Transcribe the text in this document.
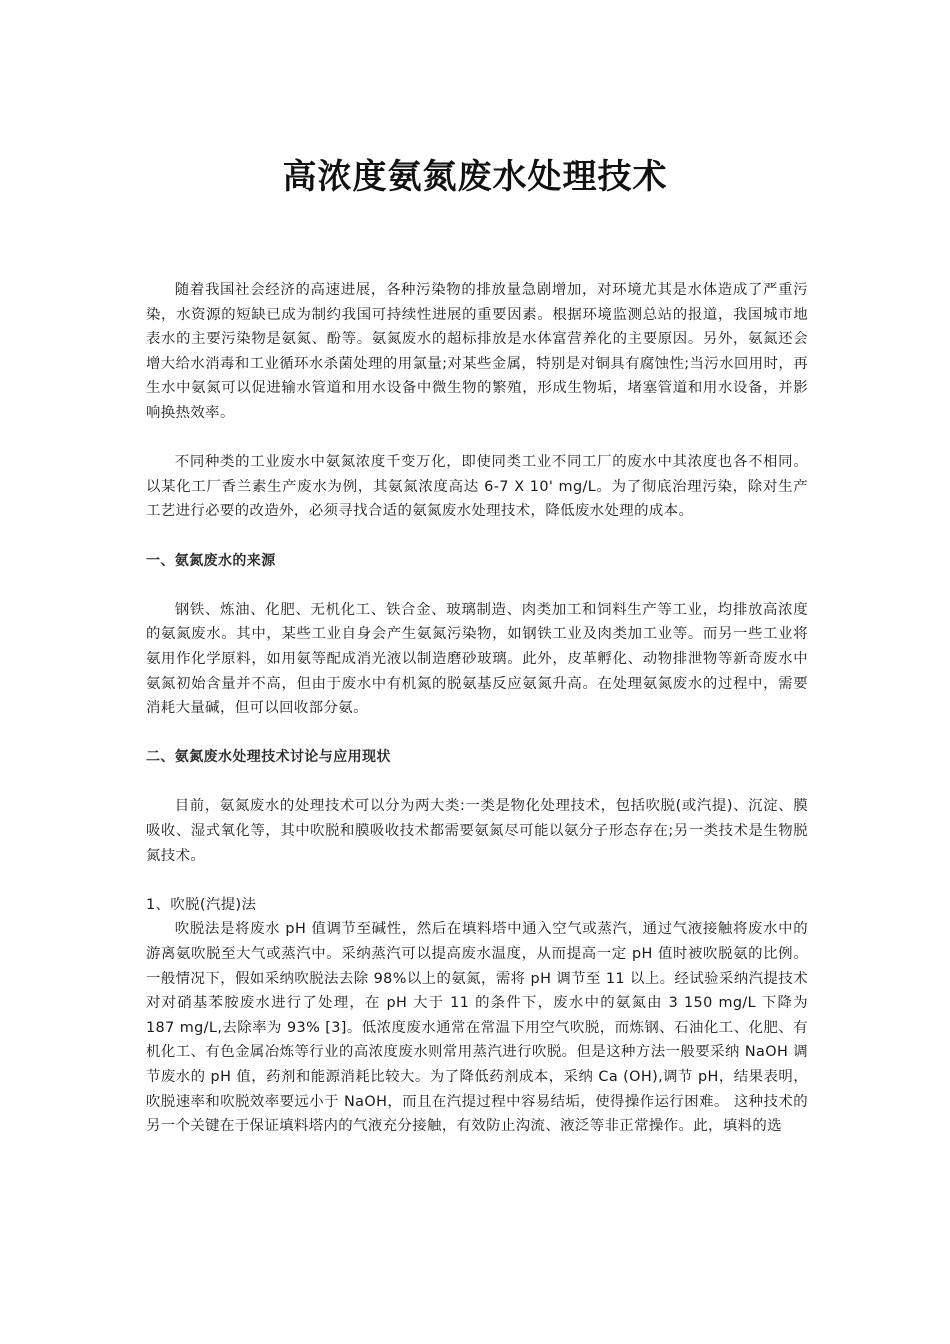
高浓度氨氮废水处理技术

随着我国社会经济的高速进展，各种污染物的排放量急剧增加，对环境尤其是水体造成了严重污染，水资源的短缺已成为制约我国可持续性进展的重要因素。根据环境监测总站的报道，我国城市地表水的主要污染物是氨氮、酚等。氨氮废水的超标排放是水体富营养化的主要原因。另外，氨氮还会增大给水消毒和工业循环水杀菌处理的用氯量;对某些金属，特别是对铜具有腐蚀性;当污水回用时，再生水中氨氮可以促进输水管道和用水设备中微生物的繁殖，形成生物垢，堵塞管道和用水设备，并影响换热效率。

不同种类的工业废水中氨氮浓度千变万化，即使同类工业不同工厂的废水中其浓度也各不相同。以某化工厂香兰素生产废水为例，其氨氮浓度高达 6-7 X 10' mg/L。为了彻底治理污染，除对生产工艺进行必要的改造外，必须寻找合适的氨氮废水处理技术，降低废水处理的成本。

一、氨氮废水的来源

钢铁、炼油、化肥、无机化工、铁合金、玻璃制造、肉类加工和饲料生产等工业，均排放高浓度的氨氮废水。其中，某些工业自身会产生氨氮污染物，如钢铁工业及肉类加工业等。而另一些工业将氨用作化学原料，如用氨等配成消光液以制造磨砂玻璃。此外，皮革孵化、动物排泄物等新奇废水中氨氮初始含量并不高，但由于废水中有机氮的脱氨基反应氨氮升高。在处理氨氮废水的过程中，需要消耗大量碱，但可以回收部分氨。

二、氨氮废水处理技术讨论与应用现状

目前，氨氮废水的处理技术可以分为两大类:一类是物化处理技术，包括吹脱(或汽提)、沉淀、膜吸收、湿式氧化等，其中吹脱和膜吸收技术都需要氨氮尽可能以氨分子形态存在;另一类技术是生物脱氮技术。

1、吹脱(汽提)法

吹脱法是将废水 pH 值调节至碱性，然后在填料塔中通入空气或蒸汽，通过气液接触将废水中的游离氨吹脱至大气或蒸汽中。采纳蒸汽可以提高废水温度，从而提高一定 pH 值时被吹脱氨的比例。一般情况下，假如采纳吹脱法去除 98%以上的氨氮，需将 pH 调节至 11 以上。经试验采纳汽提技术对对硝基苯胺废水进行了处理，在 pH 大于 11 的条件下，废水中的氨氮由 3 150 mg/L 下降为 187 mg/L,去除率为 93% [3]。低浓度废水通常在常温下用空气吹脱，而炼钢、石油化工、化肥、有机化工、有色金属冶炼等行业的高浓度废水则常用蒸汽进行吹脱。但是这种方法一般要采纳 NaOH 调节废水的 pH 值，药剂和能源消耗比较大。为了降低药剂成本，采纳 Ca (OH),调节 pH，结果表明，吹脱速率和吹脱效率要远小于 NaOH，而且在汽提过程中容易结垢，使得操作运行困难。 这种技术的另一个关键在于保证填料塔内的气液充分接触，有效防止沟流、液泛等非正常操作。此，填料的选
